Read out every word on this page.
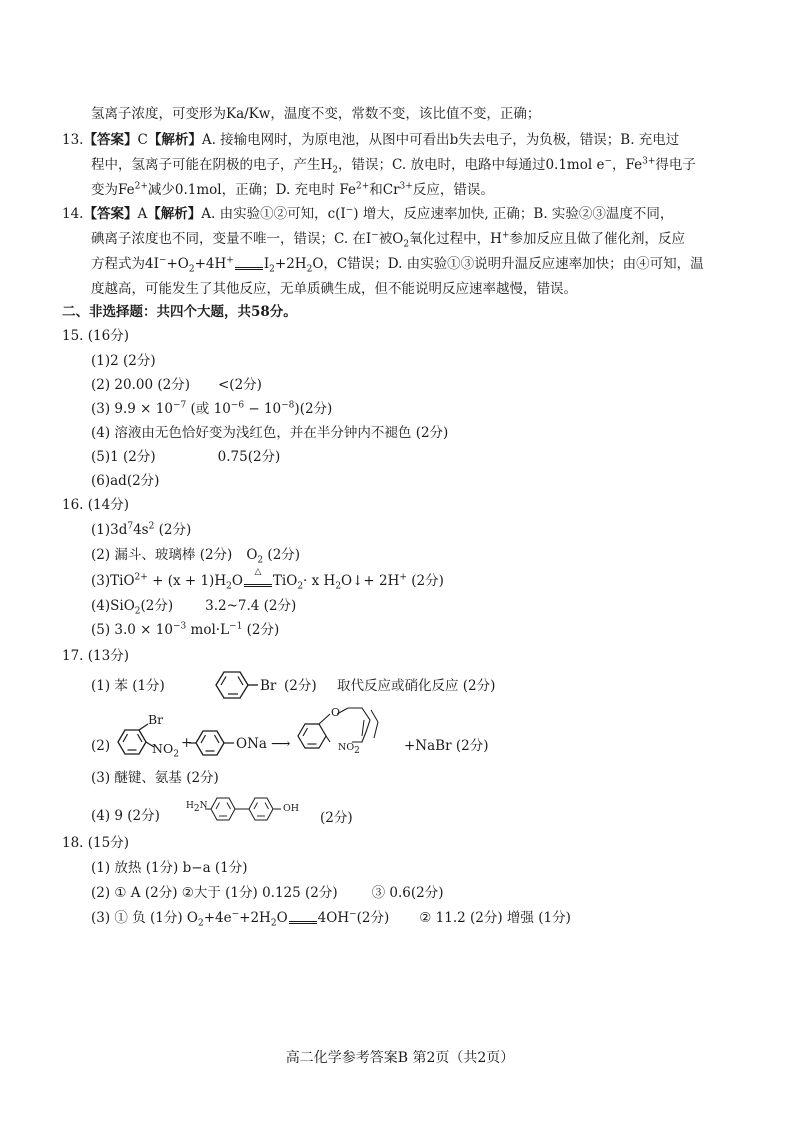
氢离子浓度，可变形为Ka/Kw，温度不变，常数不变，该比值不变，正确；
13.【答案】C【解析】A. 接输电网时，为原电池，从图中可看出b失去电子，为负极，错误；B. 充电过
程中，氢离子可能在阴极的电子，产生$H_2$，错误；C. 放电时，电路中每通过0.1mol e−，$Fe^{3+}$得电子
变为$Fe^{2+}$减少0.1mol，正确；D. 充电时 $Fe^{2+}$和$Cr^{3+}$反应，错误。
14.【答案】A【解析】A. 由实验①②可知，c(I−) 增大，反应速率加快, 正确；B. 实验②③温度不同，
碘离子浓度也不同，变量不唯一，错误；C. 在I−被$O_2$氧化过程中，H+参加反应且做了催化剂，反应
方程式为$4I^-+O_2+4H^+$ $I_2+2H_2O$，C错误；D. 由实验①③说明升温反应速率加快；由④可知，温
度越高，可能发生了其他反应，无单质碘生成，但不能说明反应速率越慢，错误。
二、非选择题：共四个大题，共58分。
15. (16分)
(1)2 (2分)
(2) 20.00 (2分) <(2分)
(3) $9.9 \times 10^{-7}$ (或 $10^{-6} - 10^{-8})(2$分)
(4) 溶液由无色恰好变为浅红色，并在半分钟内不褪色 (2分)
(5)1 (2分)	0.75(2分)
(6)ad(2分)
16. (14分)
$(1)3d^74s^2$ (2分)
(2) 漏斗、玻璃棒 (2分) $O_2$ (2分)
$(3)TiO^{2+} + (x + 1)H_2O$
△
TiO$_2$· x $H_2O↓+ 2H^+$ (2分)
(4)SiO$_2$(2分) 3.2~7.4 (2分)
(5) $3.0 \times 10^{-3}$ $mol\cdot L^{-1}$ (2分)
17. (13分)
(1) 苯 (1分)	Br (2分) 取代反应或硝化反应 (2分)
(2)
Br
$NO_2$
+	ONa ⟶
O
$NO_2$	+NaBr (2分)
(3) 醚键、氨基 (2分)
(4) 9 (2分)
$H_2N$	OH
(2分)
18. (15分)
(1) 放热 (1分) b−a (1分)
(2) ① A (2分) ②大于 (1分) 0.125 (2分)	③ 0.6(2分)
(3) ① 负 (1分) $O_2+4e^-+2H_2O$ 4OH−(2分) ② 11.2 (2分) 增强 (1分)
高二化学参考答案B 第2页（共2页）
